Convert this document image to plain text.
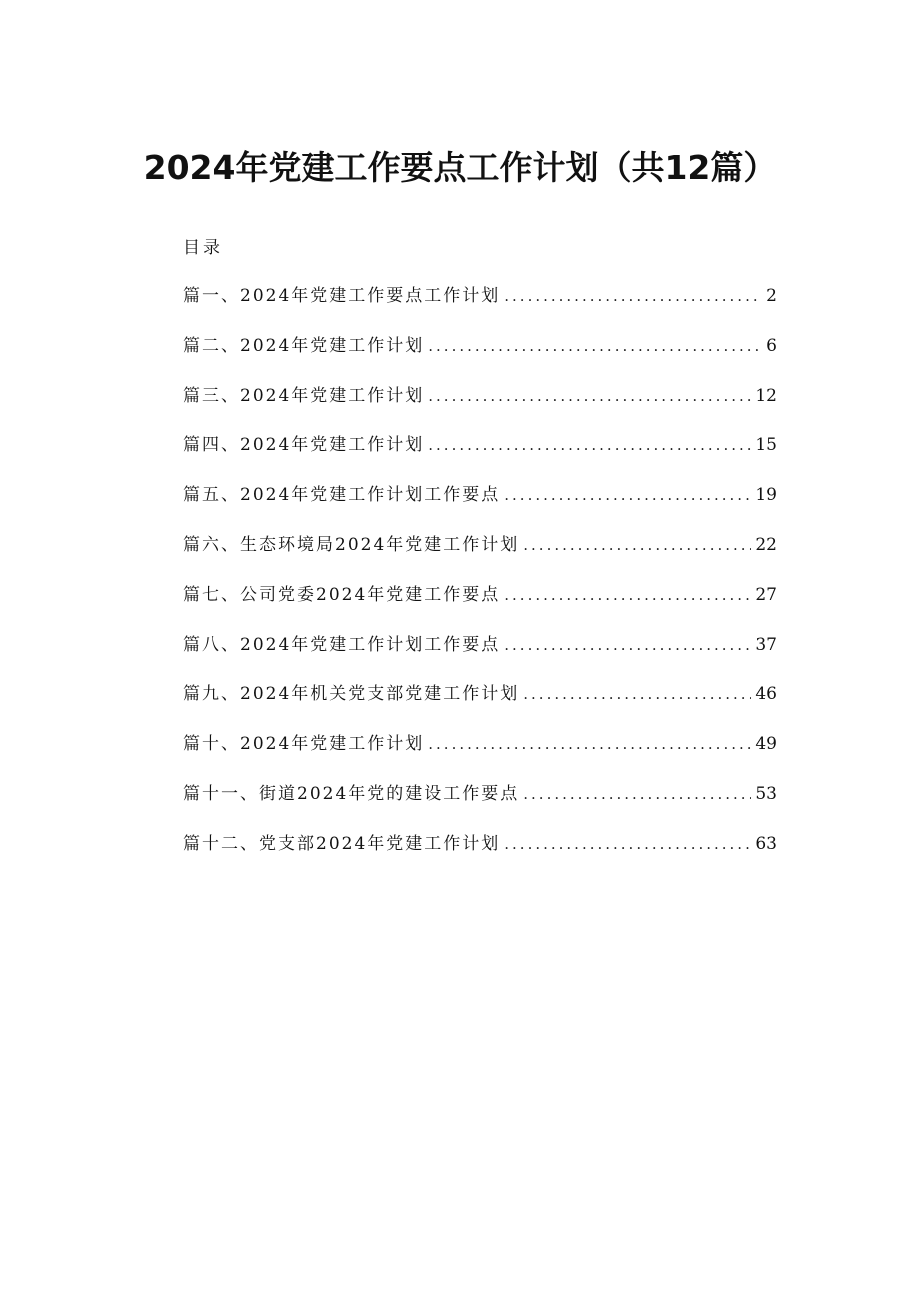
2024年党建工作要点工作计划（共12篇）
目录
篇一、2024年党建工作要点工作计划 .....	2
篇二、2024年党建工作计划 .....	6
篇三、2024年党建工作计划 .....	12
篇四、2024年党建工作计划 .....	15
篇五、2024年党建工作计划工作要点 .....	19
篇六、生态环境局2024年党建工作计划 .....	22
篇七、公司党委2024年党建工作要点 .....	27
篇八、2024年党建工作计划工作要点 .....	37
篇九、2024年机关党支部党建工作计划 .....	46
篇十、2024年党建工作计划 .....	49
篇十一、街道2024年党的建设工作要点 .....	53
篇十二、党支部2024年党建工作计划 .....	63
